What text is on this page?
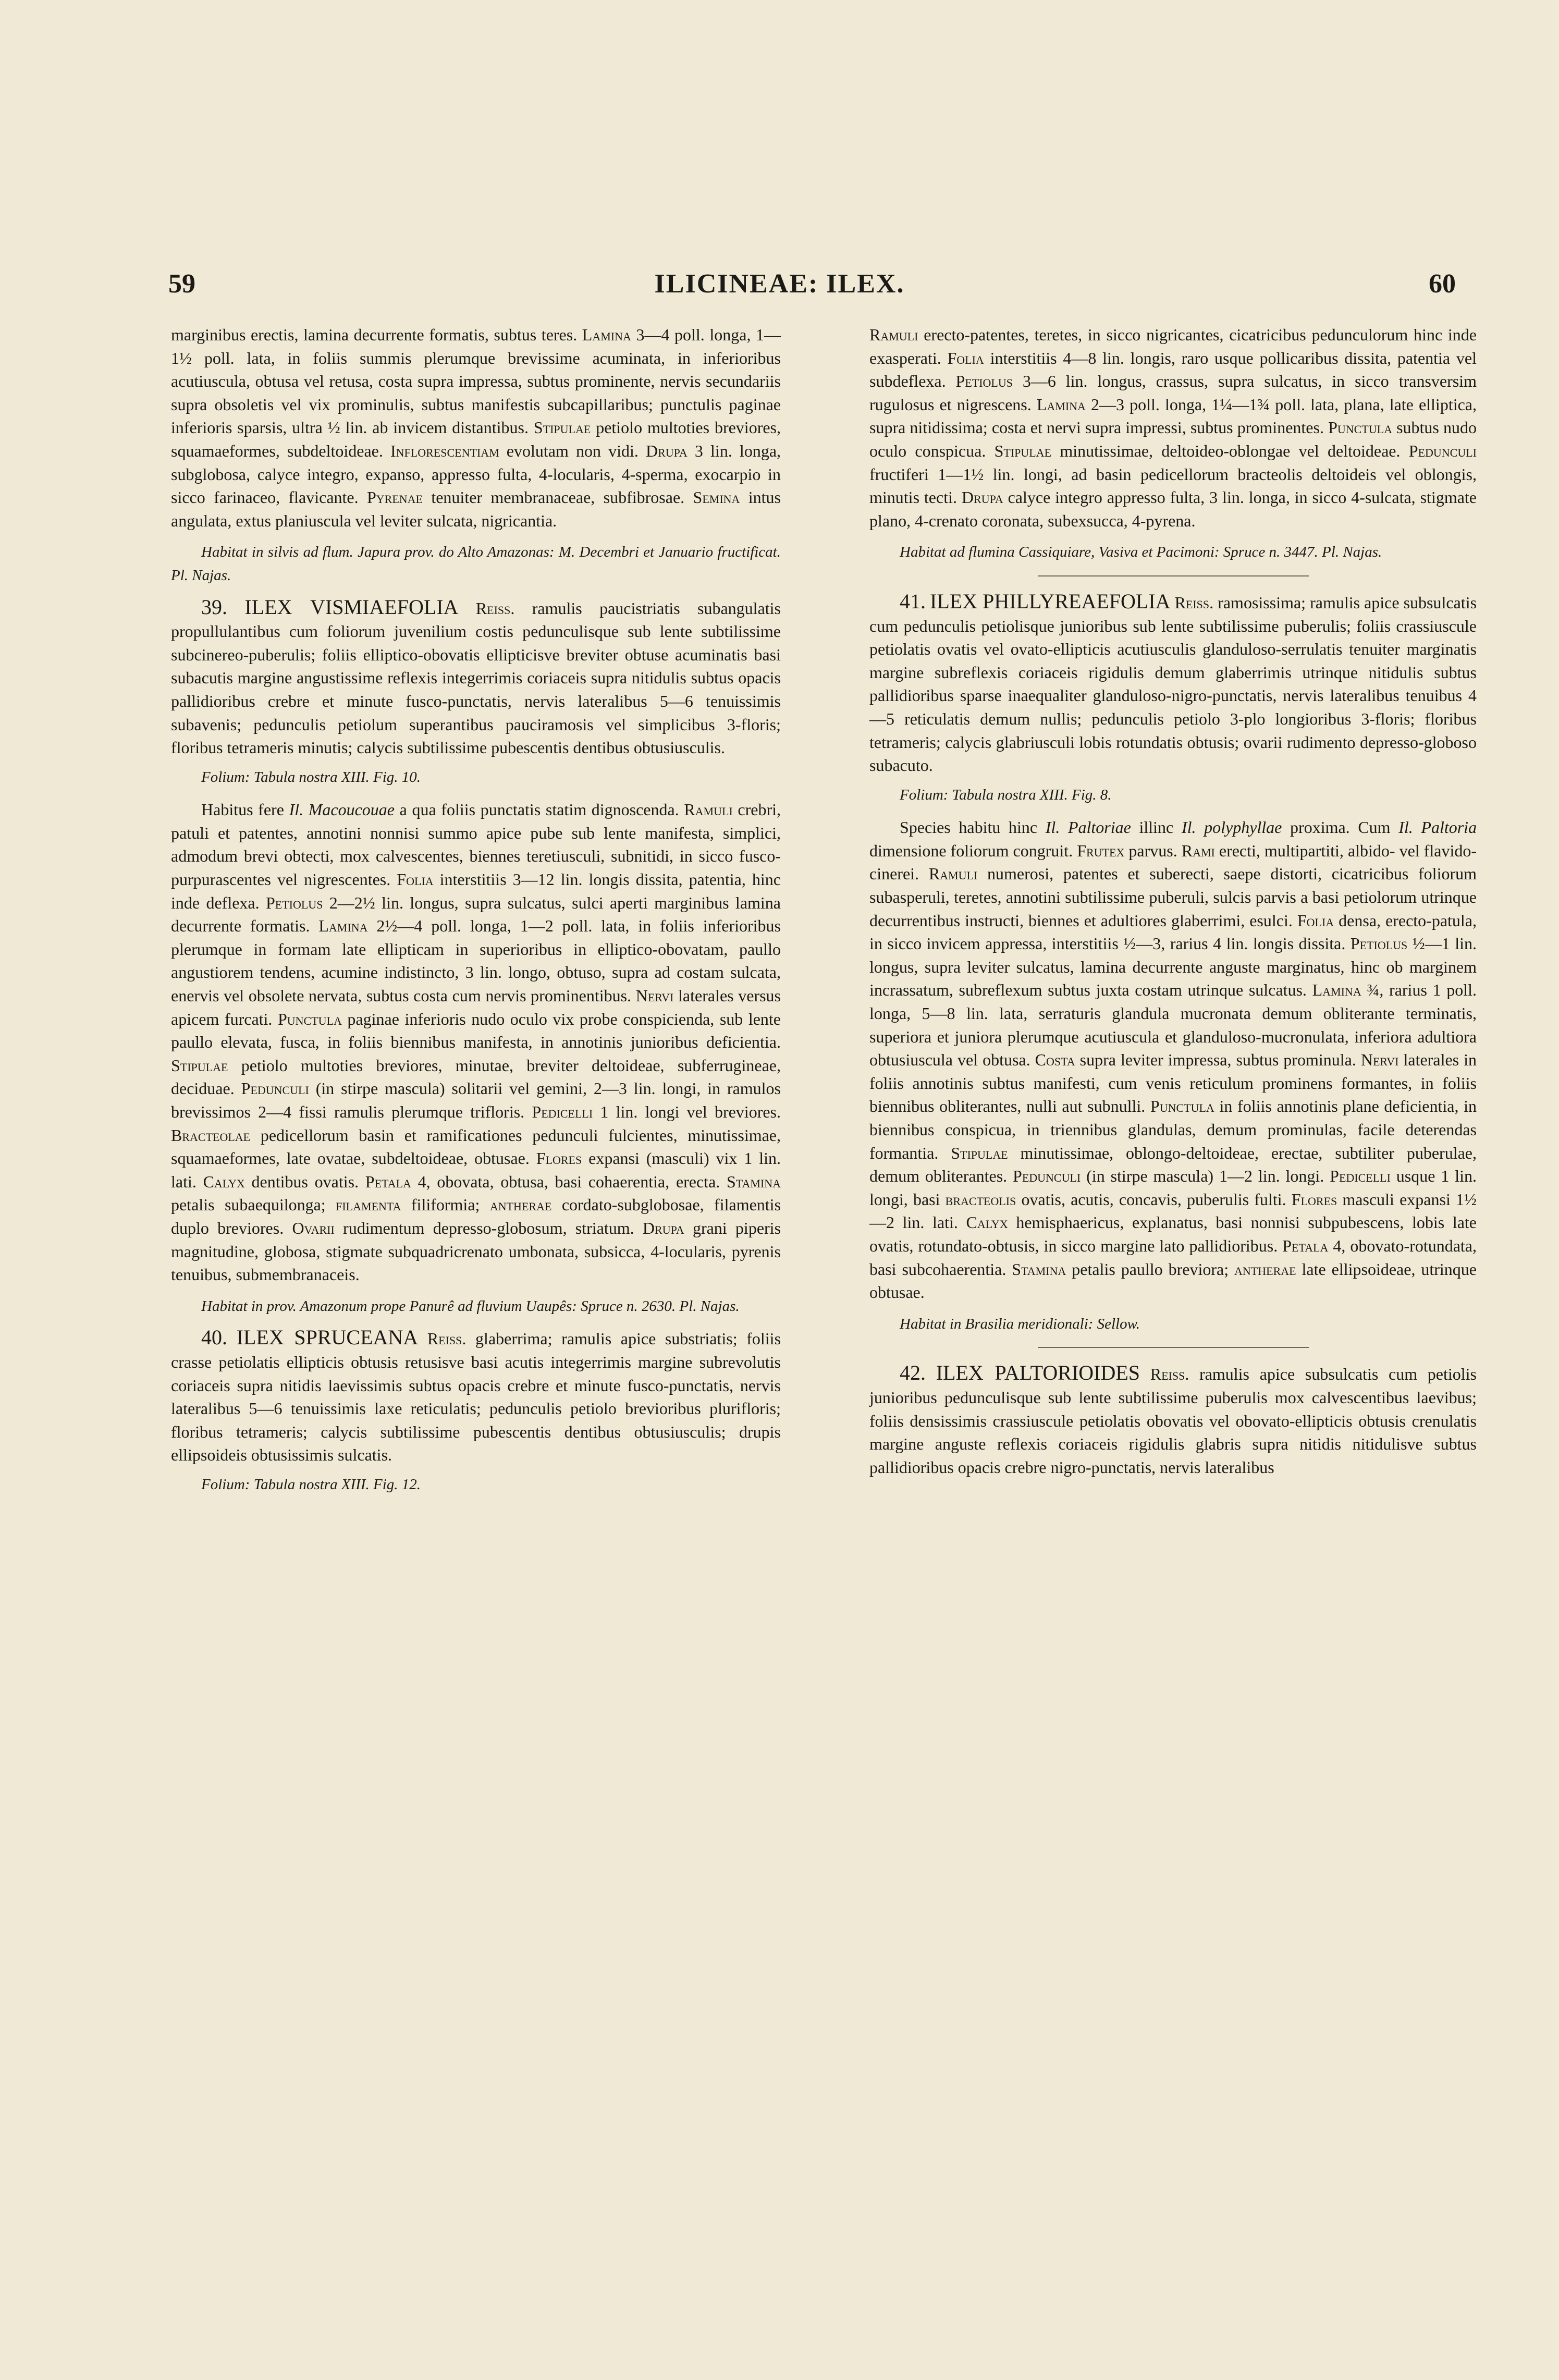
59	ILICINEAE: ILEX.	60

marginibus erectis, lamina decurrente formatis, subtus teres. Lamina 3—4 poll. longa, 1—1½ poll. lata, in foliis summis plerumque brevissime acuminata, in inferioribus acutiuscula, obtusa vel retusa, costa supra impressa, subtus prominente, nervis secundariis supra obsoletis vel vix prominulis, subtus manifestis subcapillaribus; punctulis paginae inferioris sparsis, ultra ½ lin. ab invicem distantibus. Stipulae petiolo multoties breviores, squamaeformes, subdeltoideae. Inflorescentiam evolutam non vidi. Drupa 3 lin. longa, subglobosa, calyce integro, expanso, appresso fulta, 4-locularis, 4-sperma, exocarpio in sicco farinaceo, flavicante. Pyrenae tenuiter membranaceae, subfibrosae. Semina intus angulata, extus planiuscula vel leviter sulcata, nigricantia.

Habitat in silvis ad flum. Japura prov. do Alto Amazonas: M. Decembri et Januario fructificat. Pl. Najas.

39. ILEX VISMIAEFOLIA Reiss. ramulis paucistriatis subangulatis propullulantibus cum foliorum juvenilium costis pedunculisque sub lente subtilissime subcinereo-puberulis; foliis elliptico-obovatis ellipticisve breviter obtuse acuminatis basi subacutis margine angustissime reflexis integerrimis coriaceis supra nitidulis subtus opacis pallidioribus crebre et minute fusco-punctatis, nervis lateralibus 5—6 tenuissimis subavenis; pedunculis petiolum superantibus pauciramosis vel simplicibus 3-floris; floribus tetrameris minutis; calycis subtilissime pubescentis dentibus obtusiusculis.

Folium: Tabula nostra XIII. Fig. 10.

Habitus fere Il. Macoucouae a qua foliis punctatis statim dignoscenda. Ramuli crebri, patuli et patentes, annotini nonnisi summo apice pube sub lente manifesta, simplici, admodum brevi obtecti, mox calvescentes, biennes teretiusculi, subnitidi, in sicco fusco-purpurascentes vel nigrescentes. Folia interstitiis 3—12 lin. longis dissita, patentia, hinc inde deflexa. Petiolus 2—2½ lin. longus, supra sulcatus, sulci aperti marginibus lamina decurrente formatis. Lamina 2½—4 poll. longa, 1—2 poll. lata, in foliis inferioribus plerumque in formam late ellipticam in superioribus in elliptico-obovatam, paullo angustiorem tendens, acumine indistincto, 3 lin. longo, obtuso, supra ad costam sulcata, enervis vel obsolete nervata, subtus costa cum nervis prominentibus. Nervi laterales versus apicem furcati. Punctula paginae inferioris nudo oculo vix probe conspicienda, sub lente paullo elevata, fusca, in foliis biennibus manifesta, in annotinis junioribus deficientia. Stipulae petiolo multoties breviores, minutae, breviter deltoideae, subferrugineae, deciduae. Pedunculi (in stirpe mascula) solitarii vel gemini, 2—3 lin. longi, in ramulos brevissimos 2—4 fissi ramulis plerumque trifloris. Pedicelli 1 lin. longi vel breviores. Bracteolae pedicellorum basin et ramificationes pedunculi fulcientes, minutissimae, squamaeformes, late ovatae, subdeltoideae, obtusae. Flores expansi (masculi) vix 1 lin. lati. Calyx dentibus ovatis. Petala 4, obovata, obtusa, basi cohaerentia, erecta. Stamina petalis subaequilonga; filamenta filiformia; antherae cordato-subglobosae, filamentis duplo breviores. Ovarii rudimentum depresso-globosum, striatum. Drupa grani piperis magnitudine, globosa, stigmate subquadricrenato umbonata, subsicca, 4-locularis, pyrenis tenuibus, submembranaceis.

Habitat in prov. Amazonum prope Panurê ad fluvium Uaupês: Spruce n. 2630. Pl. Najas.

40. ILEX SPRUCEANA Reiss. glaberrima; ramulis apice substriatis; foliis crasse petiolatis ellipticis obtusis retusisve basi acutis integerrimis margine subrevolutis coriaceis supra nitidis laevissimis subtus opacis crebre et minute fusco-punctatis, nervis lateralibus 5—6 tenuissimis laxe reticulatis; pedunculis petiolo brevioribus plurifloris; floribus tetrameris; calycis subtilissime pubescentis dentibus obtusiusculis; drupis ellipsoideis obtusissimis sulcatis.

Folium: Tabula nostra XIII. Fig. 12.

Ramuli erecto-patentes, teretes, in sicco nigricantes, cicatricibus pedunculorum hinc inde exasperati. Folia interstitiis 4—8 lin. longis, raro usque pollicaribus dissita, patentia vel subdeflexa. Petiolus 3—6 lin. longus, crassus, supra sulcatus, in sicco transversim rugulosus et nigrescens. Lamina 2—3 poll. longa, 1¼—1¾ poll. lata, plana, late elliptica, supra nitidissima; costa et nervi supra impressi, subtus prominentes. Punctula subtus nudo oculo conspicua. Stipulae minutissimae, deltoideo-oblongae vel deltoideae. Pedunculi fructiferi 1—1½ lin. longi, ad basin pedicellorum bracteolis deltoideis vel oblongis, minutis tecti. Drupa calyce integro appresso fulta, 3 lin. longa, in sicco 4-sulcata, stigmate plano, 4-crenato coronata, subexsucca, 4-pyrena.

Habitat ad flumina Cassiquiare, Vasiva et Pacimoni: Spruce n. 3447. Pl. Najas.

41. ILEX PHILLYREAEFOLIA Reiss. ramosissima; ramulis apice subsulcatis cum pedunculis petiolisque junioribus sub lente subtilissime puberulis; foliis crassiuscule petiolatis ovatis vel ovato-ellipticis acutiusculis glanduloso-serrulatis tenuiter marginatis margine subreflexis coriaceis rigidulis demum glaberrimis utrinque nitidulis subtus pallidioribus sparse inaequaliter glanduloso-nigro-punctatis, nervis lateralibus tenuibus 4—5 reticulatis demum nullis; pedunculis petiolo 3-plo longioribus 3-floris; floribus tetrameris; calycis glabriusculi lobis rotundatis obtusis; ovarii rudimento depresso-globoso subacuto.

Folium: Tabula nostra XIII. Fig. 8.

Species habitu hinc Il. Paltoriae illinc Il. polyphyllae proxima. Cum Il. Paltoria dimensione foliorum congruit. Frutex parvus. Rami erecti, multipartiti, albido- vel flavido-cinerei. Ramuli numerosi, patentes et suberecti, saepe distorti, cicatricibus foliorum subasperuli, teretes, annotini subtilissime puberuli, sulcis parvis a basi petiolorum utrinque decurrentibus instructi, biennes et adultiores glaberrimi, esulci. Folia densa, erecto-patula, in sicco invicem appressa, interstitiis ½—3, rarius 4 lin. longis dissita. Petiolus ½—1 lin. longus, supra leviter sulcatus, lamina decurrente anguste marginatus, hinc ob marginem incrassatum, subreflexum subtus juxta costam utrinque sulcatus. Lamina ¾, rarius 1 poll. longa, 5—8 lin. lata, serraturis glandula mucronata demum obliterante terminatis, superiora et juniora plerumque acutiuscula et glanduloso-mucronulata, inferiora adultiora obtusiuscula vel obtusa. Costa supra leviter impressa, subtus prominula. Nervi laterales in foliis annotinis subtus manifesti, cum venis reticulum prominens formantes, in foliis biennibus obliterantes, nulli aut subnulli. Punctula in foliis annotinis plane deficientia, in biennibus conspicua, in triennibus glandulas, demum prominulas, facile deterendas formantia. Stipulae minutissimae, oblongo-deltoideae, erectae, subtiliter puberulae, demum obliterantes. Pedunculi (in stirpe mascula) 1—2 lin. longi. Pedicelli usque 1 lin. longi, basi bracteolis ovatis, acutis, concavis, puberulis fulti. Flores masculi expansi 1½—2 lin. lati. Calyx hemisphaericus, explanatus, basi nonnisi subpubescens, lobis late ovatis, rotundato-obtusis, in sicco margine lato pallidioribus. Petala 4, obovato-rotundata, basi subcohaerentia. Stamina petalis paullo breviora; antherae late ellipsoideae, utrinque obtusae.

Habitat in Brasilia meridionali: Sellow.

42. ILEX PALTORIOIDES Reiss. ramulis apice subsulcatis cum petiolis junioribus pedunculisque sub lente subtilissime puberulis mox calvescentibus laevibus; foliis densissimis crassiuscule petiolatis obovatis vel obovato-ellipticis obtusis crenulatis margine anguste reflexis coriaceis rigidulis glabris supra nitidis nitidulisve subtus pallidioribus opacis crebre nigro-punctatis, nervis lateralibus
